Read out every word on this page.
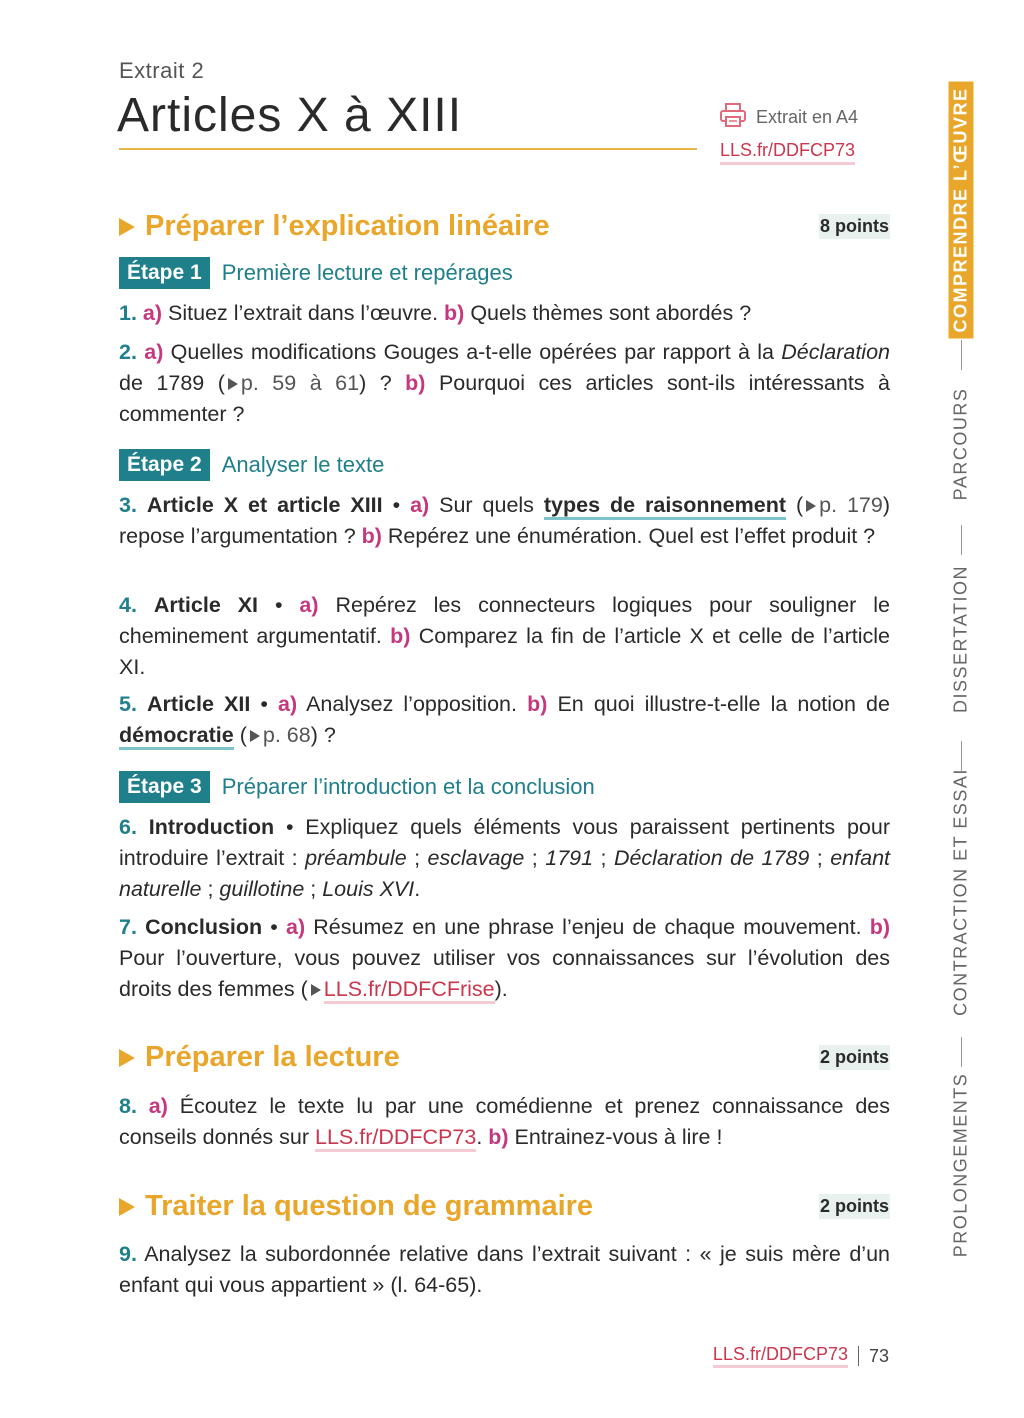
Extrait 2
Articles X à XIII	Extrait en A4
LLS.fr/DDFCP73
Préparer l’explication linéaire	8 points
Étape 1 Première lecture et repérages
1. a) Situez l’extrait dans l’œuvre. b) Quels thèmes sont abordés ?
2. a) Quelles modifications Gouges a-t-elle opérées par rapport à la Déclaration de 1789 ( p. 59 à 61) ? b) Pourquoi ces articles sont-ils intéressants à commenter ?
Étape 2 Analyser le texte
3. Article X et article XIII • a) Sur quels types de raisonnement ( p. 179) repose l’argumentation ? b) Repérez une énumération. Quel est l’effet produit ?
4. Article XI • a) Repérez les connecteurs logiques pour souligner le cheminement argumentatif. b) Comparez la fin de l’article X et celle de l’article XI.
5. Article XII • a) Analysez l’opposition. b) En quoi illustre-t-elle la notion de démocratie ( p. 68) ?
Étape 3 Préparer l’introduction et la conclusion
6. Introduction • Expliquez quels éléments vous paraissent pertinents pour introduire l’extrait : préambule ; esclavage ; 1791 ; Déclaration de 1789 ; enfant naturelle ; guillotine ; Louis XVI.
7. Conclusion • a) Résumez en une phrase l’enjeu de chaque mouvement. b) Pour l’ouverture, vous pouvez utiliser vos connaissances sur l’évolution des droits des femmes ( LLS.fr/DDFCFrise).
Préparer la lecture	2 points
8. a) Écoutez le texte lu par une comédienne et prenez connaissance des conseils donnés sur LLS.fr/DDFCP73. b) Entrainez-vous à lire !
Traiter la question de grammaire	2 points
9. Analysez la subordonnée relative dans l’extrait suivant : « je suis mère d’un enfant qui vous appartient » (l. 64-65).
COMPRENDRE L’ŒUVRE
PARCOURS
DISSERTATION
CONTRACTION ET ESSAI
PROLONGEMENTS
LLS.fr/DDFCP73 73
